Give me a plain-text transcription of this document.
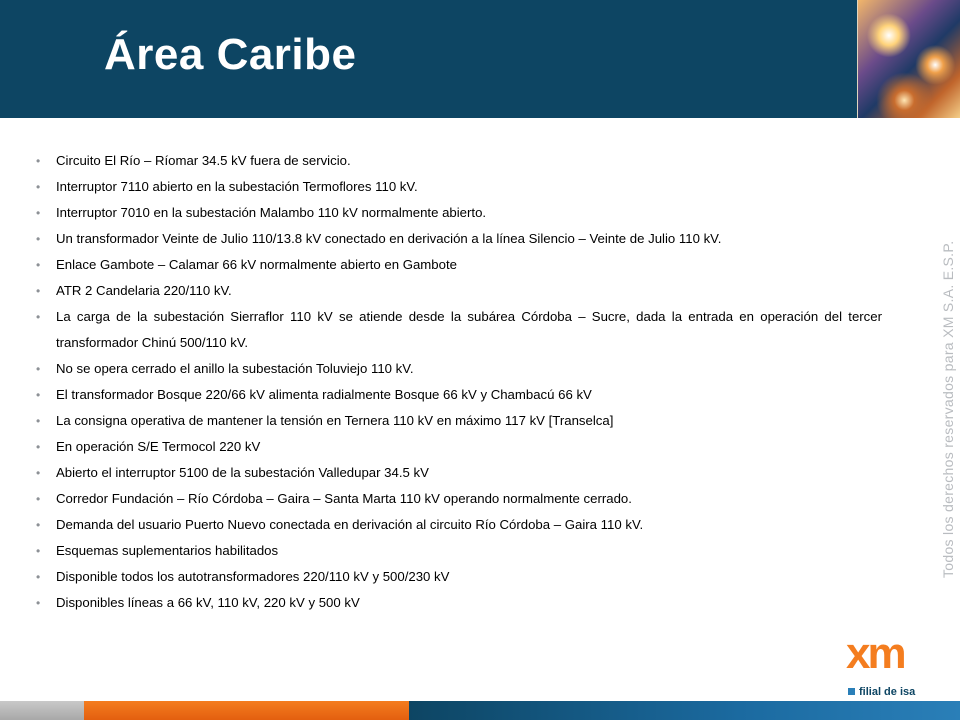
Área Caribe
• Circuito El Río – Ríomar 34.5 kV fuera de servicio.
• Interruptor 7110 abierto en la subestación Termoflores 110 kV.
• Interruptor 7010 en la subestación Malambo 110 kV normalmente abierto.
• Un transformador Veinte de Julio 110/13.8 kV conectado en derivación a la línea Silencio – Veinte de Julio 110 kV.
• Enlace Gambote – Calamar 66 kV normalmente abierto en Gambote
• ATR 2 Candelaria 220/110 kV.
• La carga de la subestación Sierraflor 110 kV se atiende desde la subárea Córdoba – Sucre, dada la entrada en operación del tercer transformador Chinú 500/110 kV.
• No se opera cerrado el anillo la subestación Toluviejo 110 kV.
• El transformador Bosque 220/66 kV alimenta radialmente Bosque 66 kV y Chambacú 66 kV
• La consigna operativa de mantener la tensión en Ternera 110 kV en máximo 117 kV [Transelca]
• En operación S/E Termocol 220 kV
• Abierto el interruptor 5100 de la subestación Valledupar 34.5 kV
• Corredor Fundación – Río Córdoba – Gaira – Santa Marta 110 kV operando normalmente cerrado.
• Demanda del usuario Puerto Nuevo conectada en derivación al circuito Río Córdoba – Gaira 110 kV.
• Esquemas suplementarios habilitados
• Disponible todos los autotransformadores 220/110 kV y 500/230 kV
• Disponibles líneas a 66 kV, 110 kV, 220 kV y 500 kV
Todos los derechos reservados para XM S.A. E.S.P.
xm
filial de isa
